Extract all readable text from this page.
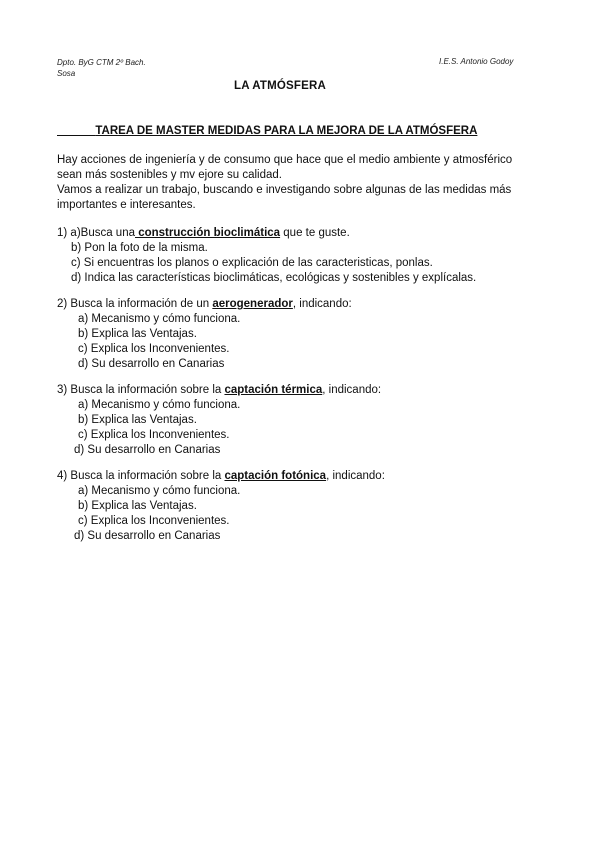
Dpto. ByG CTM 2º Bach.
Sosa
I.E.S. Antonio Godoy
LA ATMÓSFERA
TAREA DE MASTER MEDIDAS PARA LA MEJORA DE LA ATMÓSFERA
Hay acciones de ingeniería y de consumo que hace que el medio ambiente y atmosférico
sean más sostenibles y mv ejore su calidad.
Vamos a realizar un trabajo, buscando e investigando sobre algunas de las medidas más
importantes e interesantes.
1) a)Busca una construcción bioclimática que te guste.
b) Pon la foto de la misma.
c) Si encuentras los planos o explicación de las caracteristicas, ponlas.
d) Indica las características bioclimáticas, ecológicas y sostenibles y explícalas.
2) Busca la información de un aerogenerador, indicando:
a) Mecanismo y cómo funciona.
b) Explica las Ventajas.
c) Explica los Inconvenientes.
d) Su desarrollo en Canarias
3) Busca la información sobre la captación térmica, indicando:
a) Mecanismo y cómo funciona.
b) Explica las Ventajas.
c) Explica los Inconvenientes.
d) Su desarrollo en Canarias
4) Busca la información sobre la captación fotónica, indicando:
a) Mecanismo y cómo funciona.
b) Explica las Ventajas.
c) Explica los Inconvenientes.
d) Su desarrollo en Canarias
